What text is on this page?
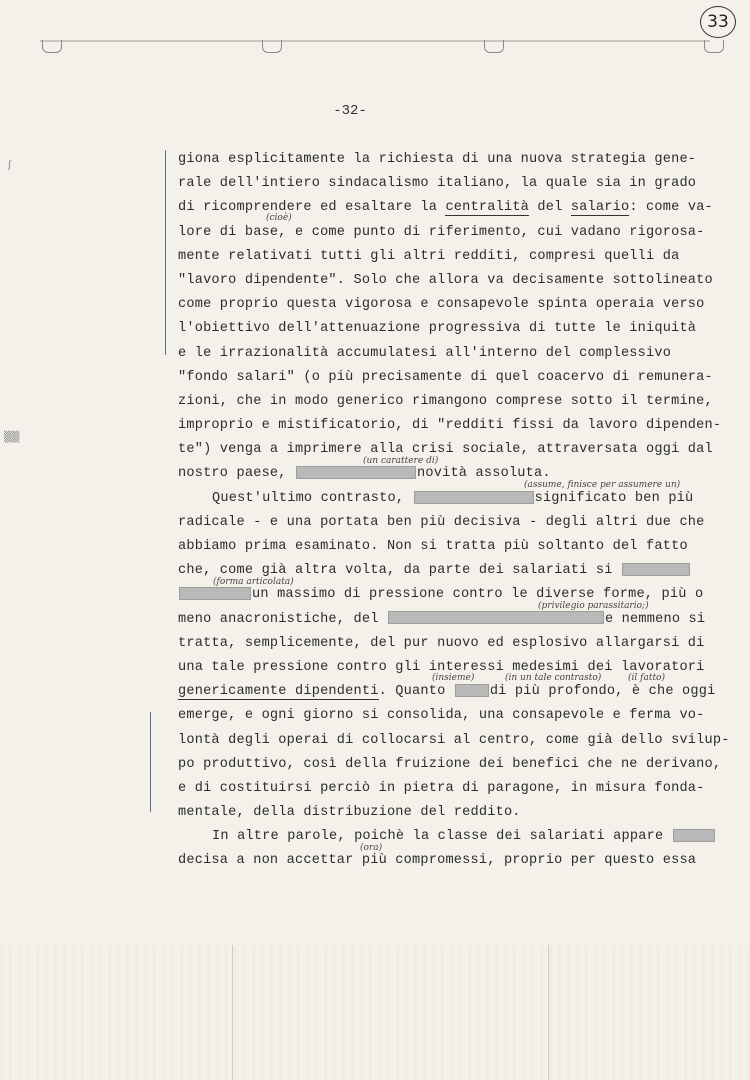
33
-32-
ʃ
▒▒
giona esplicitamente la richiesta di una nuova strategia gene-
rale dell'intiero sindacalismo italiano, la quale sia in grado
di ricomprendere ed esaltare la centralità del salario: come va-
lore di base, e come punto di riferimento, cui vadano rigorosa-
mente relativati tutti gli altri redditi, compresi quelli da
"lavoro dipendente". Solo che allora va decisamente sottolineato
come proprio questa vigorosa e consapevole spinta operaia verso
l'obiettivo dell'attenuazione progressiva di tutte le iniquità
e le irrazionalità accumulatesi all'interno del complessivo
"fondo salari" (o più precisamente di quel coacervo di remunera-
zioni, che in modo generico rimangono comprese sotto il termine,
improprio e mistificatorio, di "redditi fissi da lavoro dipenden-
te") venga a imprimere alla crisi sociale, attraversata oggi dal
nostro paese,	novità assoluta.
Quest'ultimo contrasto,	significato ben più
radicale - e una portata ben più decisiva - degli altri due che
abbiamo prima esaminato. Non si tratta più soltanto del fatto
che, come già altra volta, da parte dei salariati si
un massimo di pressione contro le diverse forme, più o
meno anacronistiche, del	e nemmeno si
tratta, semplicemente, del pur nuovo ed esplosivo allargarsi di
una tale pressione contro gli interessi medesimi dei lavoratori
genericamente dipendenti. Quanto	di più profondo, è che oggi
emerge, e ogni giorno si consolida, una consapevole e ferma vo-
lontà degli operai di collocarsi al centro, come già dello svilup-
po produttivo, così della fruizione dei benefici che ne derivano,
e di costituirsi perciò in pietra di paragone, in misura fonda-
mentale, della distribuzione del reddito.
In altre parole, poichè la classe dei salariati appare
decisa a non accettar più compromessi, proprio per questo essa
(cioè)
(un carattere di)
(assume, finisce per assumere un)
(forma articolata)
(privilegio parassitario;)
(insieme)	(in un tale contrasto)	(il fatto)
(ora)
